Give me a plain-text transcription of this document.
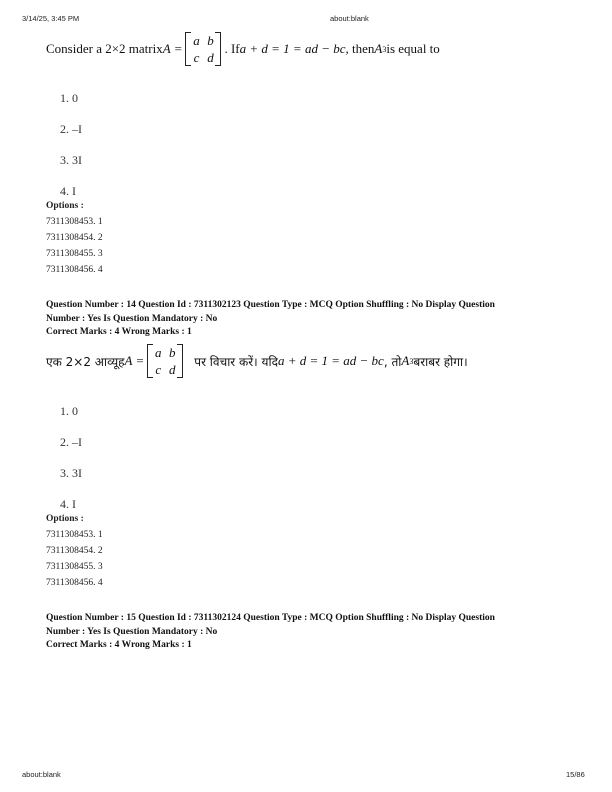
3/14/25, 3:45 PM	about:blank
Consider a 2×2 matrix A =
a b
c d
. If a + d = 1 = ad − bc , then A 3 is equal to
1. 0
2. –I
3. 3I
4. I
Options :
7311308453. 1
7311308454. 2
7311308455. 3
7311308456. 4
Question Number : 14 Question Id : 7311302123 Question Type : MCQ Option Shuffling : No Display Question
Number : Yes Is Question Mandatory : No
Correct Marks : 4 Wrong Marks : 1
एक 2×2 आव्यूह A =
a b
c d	पर विचार करें। यदि a + d = 1 = ad − bc , तो A 3 बराबर होगा।
1. 0
2. –I
3. 3I
4. I
Options :
7311308453. 1
7311308454. 2
7311308455. 3
7311308456. 4
Question Number : 15 Question Id : 7311302124 Question Type : MCQ Option Shuffling : No Display Question
Number : Yes Is Question Mandatory : No
Correct Marks : 4 Wrong Marks : 1
about:blank	15/86
